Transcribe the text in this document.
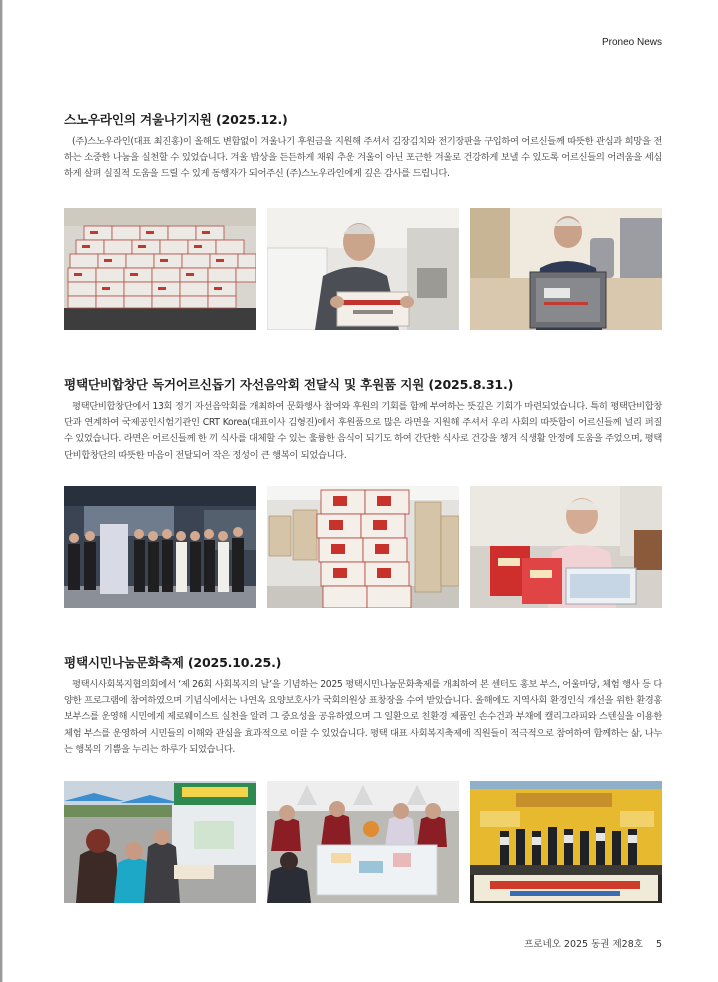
Proneo News
스노우라인의 겨울나기지원 (2025.12.)
(주)스노우라인(대표 최진홍)이 올해도 변함없이 겨울나기 후원금을 지원해 주셔서 김장김치와 전기장판을 구입하여 어르신들께 따뜻한 관심과 희망을 전하는 소중한 나눔을 실천할 수 있었습니다. 겨울 밥상을 든든하게 채워 추운 겨울이 아닌 포근한 겨울로 건강하게 보낼 수 있도록 어르신들의 어려움을 세심하게 살펴 실질적 도움을 드릴 수 있게 동행자가 되어주신 (주)스노우라인에게 깊은 감사를 드립니다.
평택단비합창단 독거어르신돕기 자선음악회 전달식 및 후원품 지원 (2025.8.31.)
평택단비합창단에서 13회 정기 자선음악회를 개최하여 문화행사 참여와 후원의 기회를 함께 부여하는 뜻깊은 기회가 마련되었습니다. 특히 평택단비합창단과 연계하여 국제공인시험기관인 CRT Korea(대표이사 김형진)에서 후원품으로 많은 라면을 지원해 주셔서 우리 사회의 따뜻함이 어르신들께 널리 퍼질 수 있었습니다. 라면은 어르신들께 한 끼 식사를 대체할 수 있는 훌륭한 음식이 되기도 하여 간단한 식사로 건강을 챙겨 식생활 안정에 도움을 주었으며, 평택단비합창단의 따뜻한 마음이 전달되어 작은 정성이 큰 행복이 되었습니다.
평택시민나눔문화축제 (2025.10.25.)
평택시사회복지협의회에서 ‘제 26회 사회복지의 날’을 기념하는 2025 평택시민나눔문화축제를 개최하여 본 센터도 홍보 부스, 어울마당, 체험 행사 등 다양한 프로그램에 참여하였으며 기념식에서는 나연옥 요양보호사가 국회의원상 표창장을 수여 받았습니다. 올해에도 지역사회 환경인식 개선을 위한 환경홍보부스를 운영해 시민에게 제로웨이스트 실천을 알려 그 중요성을 공유하였으며 그 일환으로 친환경 제품인 손수건과 부채에 캘리그라피와 스텐실을 이용한 체험 부스를 운영하여 시민들의 이해와 관심을 효과적으로 이끌 수 있었습니다. 평택 대표 사회복지축제에 직원들이 적극적으로 참여하여 함께하는 삶, 나누는 행복의 기쁨을 누리는 하루가 되었습니다.
프로네오 2025 동권 제28호 5
